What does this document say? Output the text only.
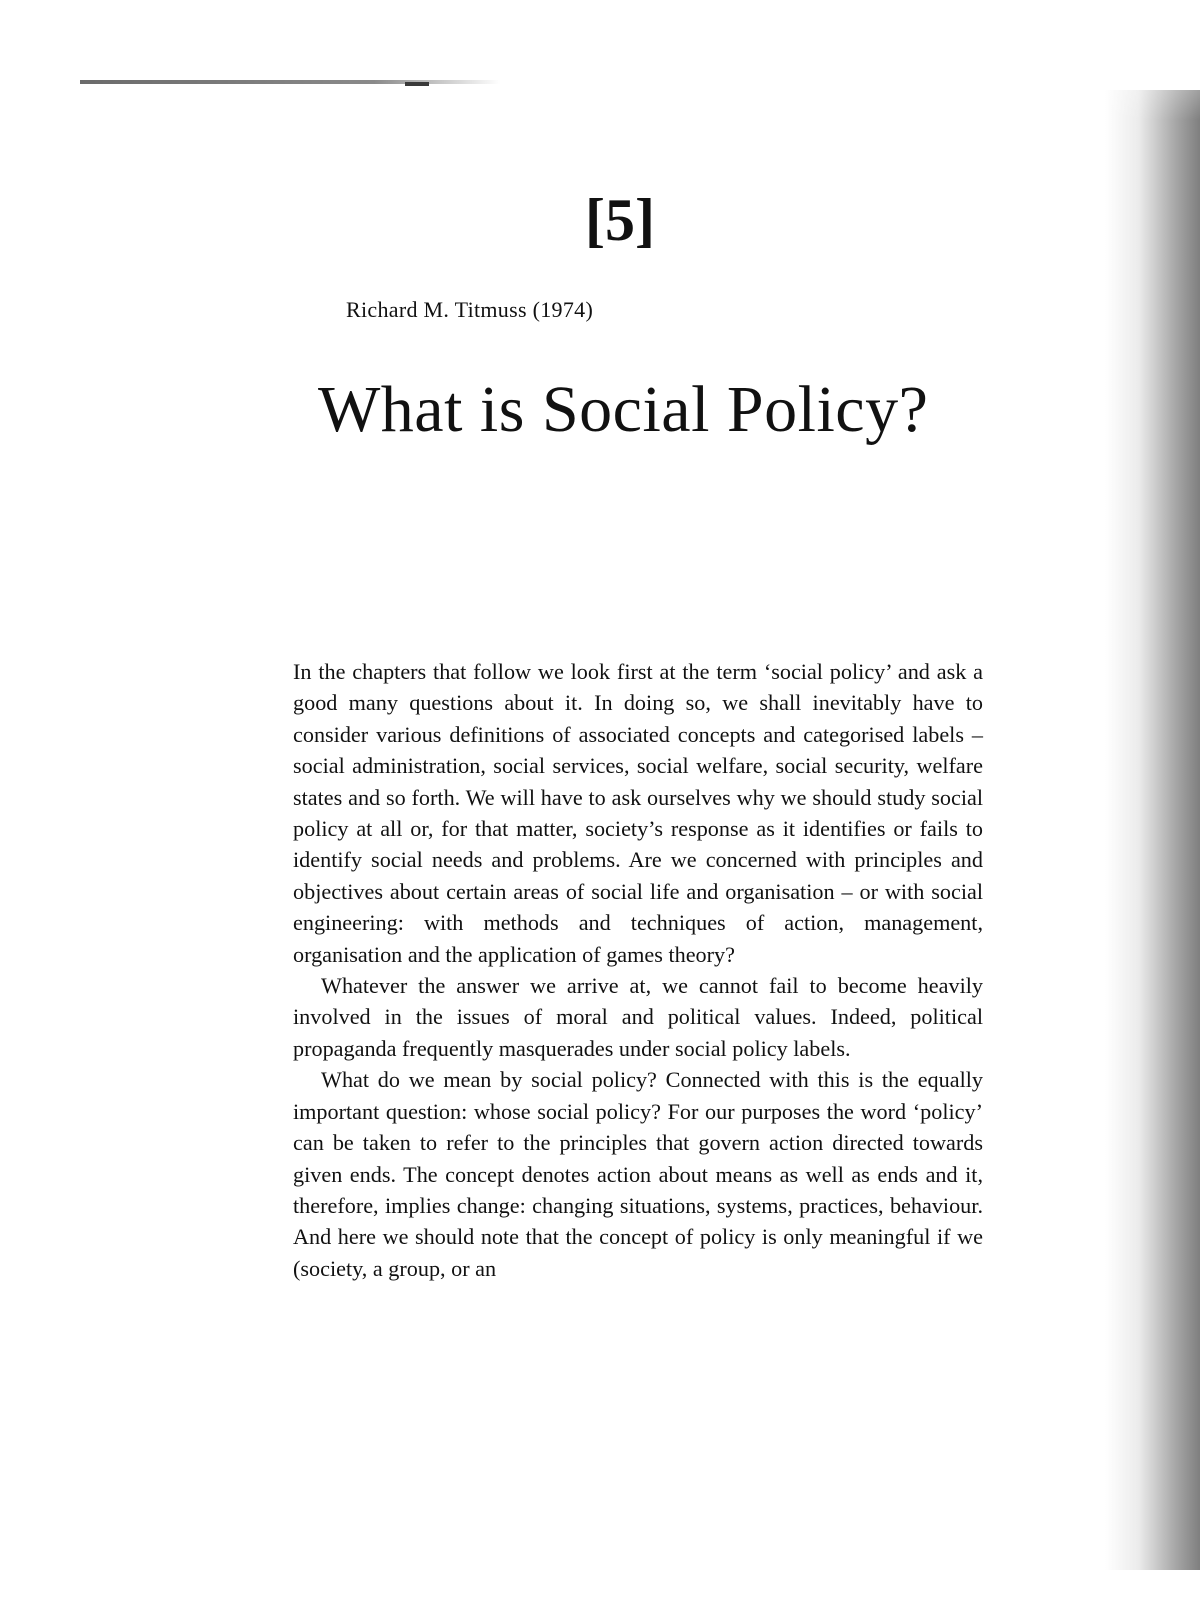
[5]

Richard M. Titmuss (1974)

What is Social Policy?

In the chapters that follow we look first at the term ‘social policy’ and ask a good many questions about it. In doing so, we shall inevitably have to consider various definitions of associated concepts and categorised labels – social administration, social services, social welfare, social security, welfare states and so forth. We will have to ask ourselves why we should study social policy at all or, for that matter, society’s response as it identifies or fails to identify social needs and problems. Are we concerned with principles and objectives about certain areas of social life and organisation – or with social engineering: with methods and techniques of action, management, organisation and the application of games theory?

Whatever the answer we arrive at, we cannot fail to become heavily involved in the issues of moral and political values. Indeed, political propaganda frequently masquerades under social policy labels.

What do we mean by social policy? Connected with this is the equally important question: whose social policy? For our purposes the word ‘policy’ can be taken to refer to the principles that govern action directed towards given ends. The concept denotes action about means as well as ends and it, therefore, implies change: changing situations, systems, practices, behaviour. And here we should note that the concept of policy is only meaningful if we (society, a group, or an
